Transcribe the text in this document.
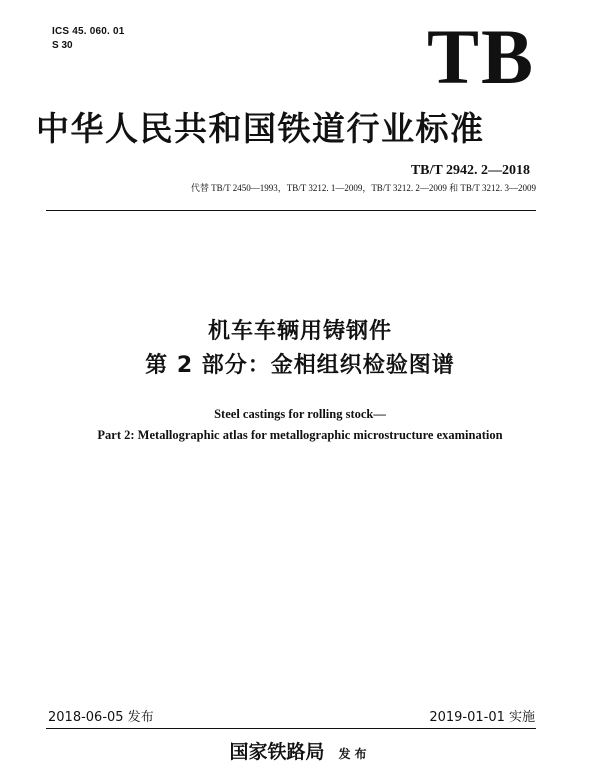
ICS 45. 060. 01
S 30	TB
中华人民共和国铁道行业标准
TB/T 2942. 2—2018
代替 TB/T 2450—1993，TB/T 3212. 1—2009，TB/T 3212. 2—2009 和 TB/T 3212. 3—2009
机车车辆用铸钢件
第 2 部分：金相组织检验图谱
Steel castings for rolling stock—
Part 2: Metallographic atlas for metallographic microstructure examination
2018-06-05 发布	2019-01-01 实施
国家铁路局 发布
